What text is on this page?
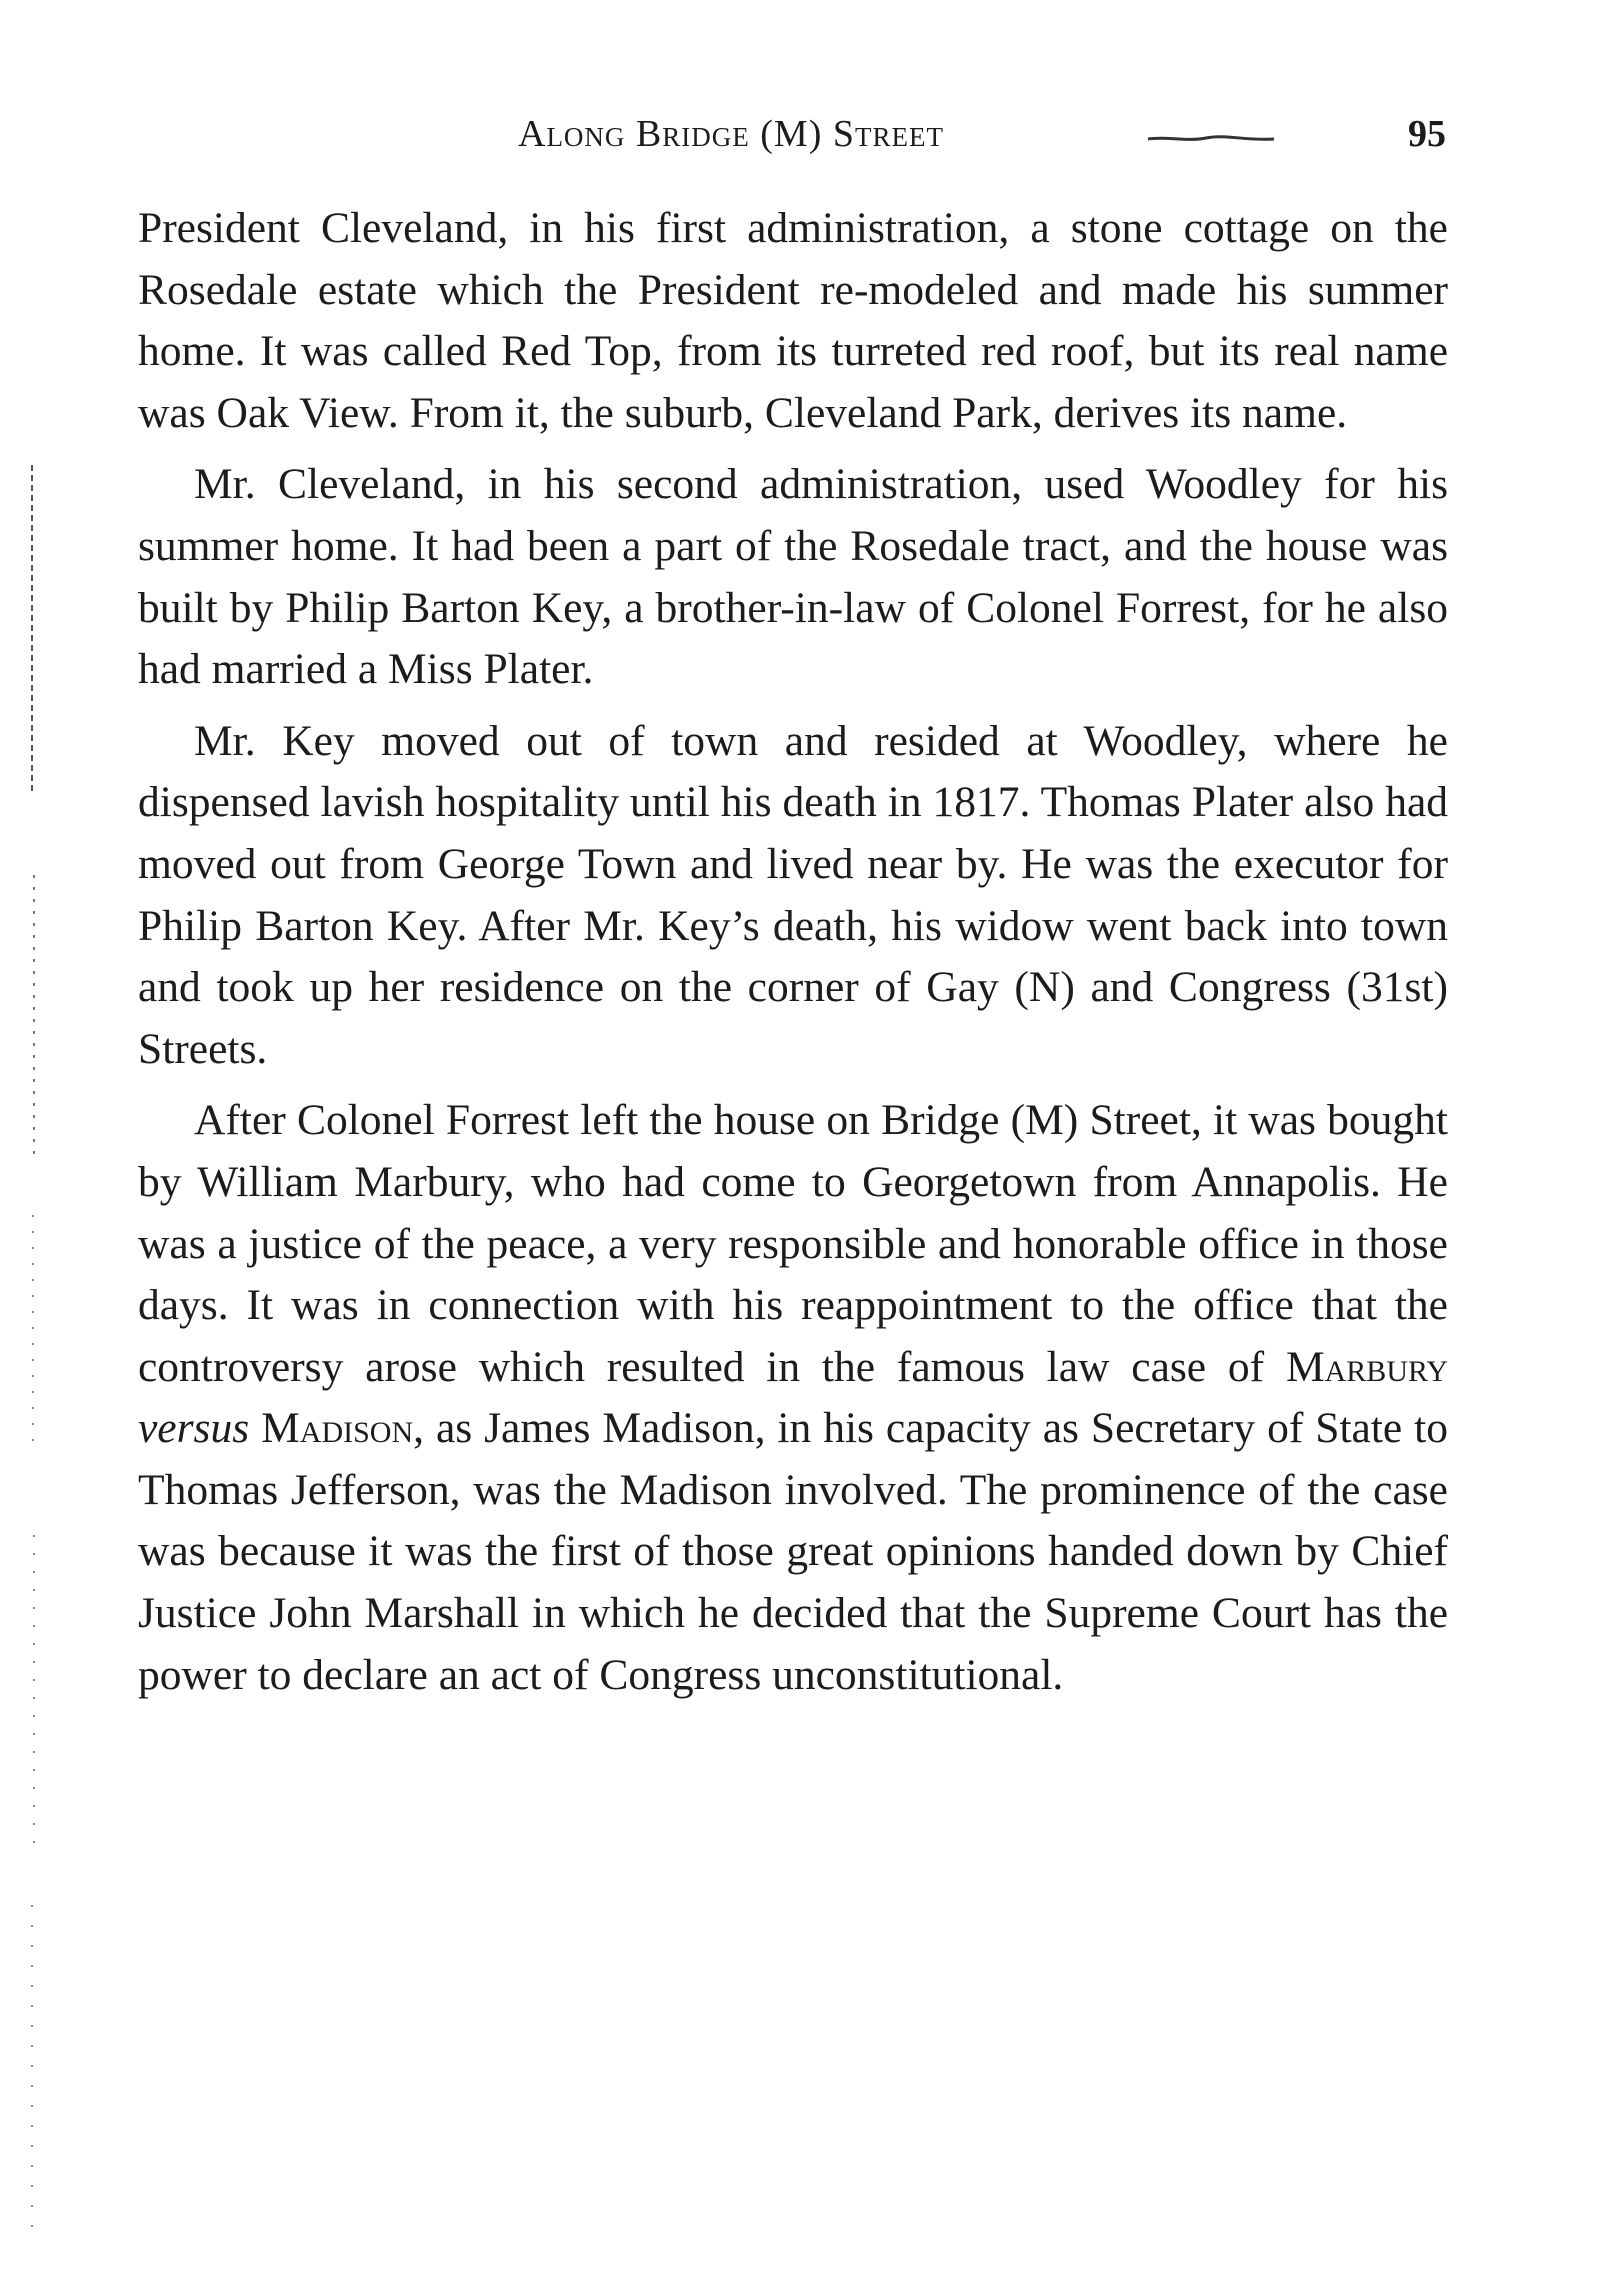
Along Bridge (M) Street	95

President Cleveland, in his first administration, a stone cottage on the Rosedale estate which the President re-modeled and made his summer home. It was called Red Top, from its turreted red roof, but its real name was Oak View. From it, the suburb, Cleveland Park, derives its name.

Mr. Cleveland, in his second administration, used Woodley for his summer home. It had been a part of the Rosedale tract, and the house was built by Philip Barton Key, a brother-in-law of Colonel Forrest, for he also had married a Miss Plater.

Mr. Key moved out of town and resided at Woodley, where he dispensed lavish hospitality until his death in 1817. Thomas Plater also had moved out from George Town and lived near by. He was the executor for Philip Barton Key. After Mr. Key’s death, his widow went back into town and took up her residence on the corner of Gay (N) and Congress (31st) Streets.

After Colonel Forrest left the house on Bridge (M) Street, it was bought by William Marbury, who had come to Georgetown from Annapolis. He was a justice of the peace, a very responsible and honorable office in those days. It was in connection with his reappointment to the office that the controversy arose which resulted in the famous law case of Marbury versus Madison, as James Madison, in his capacity as Secretary of State to Thomas Jefferson, was the Madison involved. The prominence of the case was because it was the first of those great opinions handed down by Chief Justice John Marshall in which he decided that the Supreme Court has the power to declare an act of Congress unconstitutional.
